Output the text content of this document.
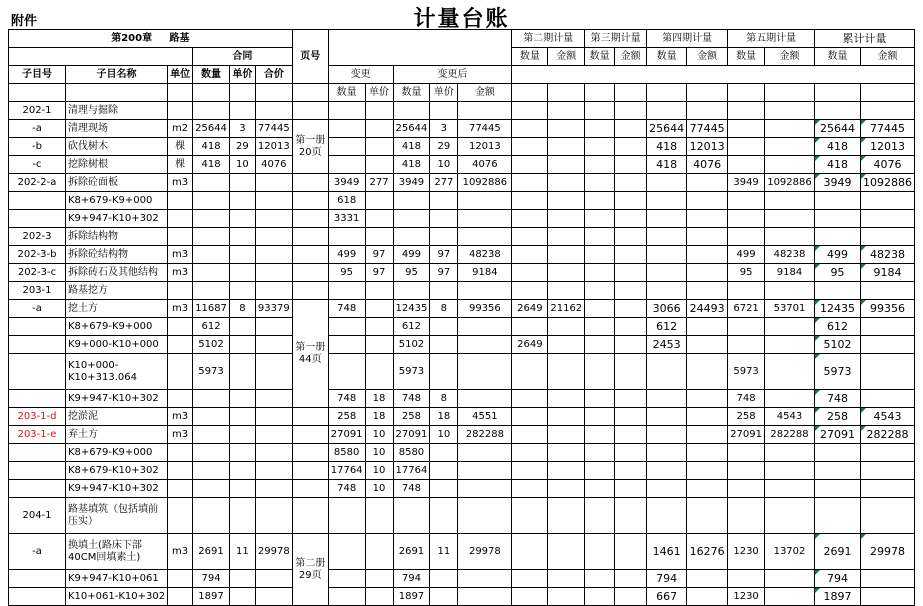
附件	计量台账
第200章 路基						页号						第二期计量		第三期计量		第四期计量		第五期计量		累计计量	
			合同									数量	金额	数量	金额	数量	金额	数量	金额	数量	金额
子目号	子目名称	单位	数量	单价	合价		变更		变更后												
							数量	单价	数量	单价	金额										
202-1	清理与掘除																				
-a	清理现场	m2	25644	3	77445	第一册20页			25644	3	77445					25644	77445			25644	77445
-b	砍伐树木	棵	418	29	12013				418	29	12013					418	12013			418	12013
-c	挖除树根	棵	418	10	4076				418	10	4076					418	4076			418	4076
202-2-a	拆除砼面板	m3					3949	277	3949	277	1092886							3949	1092886	3949	1092886
	K8+679-K9+000						618														
	K9+947-K10+302						3331														
202-3	拆除结构物																				
202-3-b	拆除砼结构物	m3					499	97	499	97	48238							499	48238	499	48238
202-3-c	拆除砖石及其他结构	m3					95	97	95	97	9184							95	9184	95	9184
203-1	路基挖方																				
-a	挖土方	m3	11687	8	93379	第一册44页	748		12435	8	99356	2649	21162			3066	24493	6721	53701	12435	99356
	K8+679-K9+000		612						612							612				612	
	K9+000-K10+000		5102						5102			2649				2453				5102	
	K10+000-K10+313.064		5973						5973									5973		5973	
	K9+947-K10+302						748	18	748	8								748		748	
203-1-d	挖淤泥	m3					258	18	258	18	4551							258	4543	258	4543
203-1-e	弃土方	m3					27091	10	27091	10	282288							27091	282288	27091	282288
	K8+679-K9+000						8580	10	8580												
	K8+679-K10+302						17764	10	17764												
	K9+947-K10+302						748	10	748												
204-1	路基填筑（包括填前压实）																				
-a	换填土(路床下部40CM回填素土)	m3	2691	11	29978	第二册29页			2691	11	29978					1461	16276	1230	13702	2691	29978
	K9+947-K10+061		794						794							794				794	
	K10+061-K10+302		1897						1897							667		1230		1897	
